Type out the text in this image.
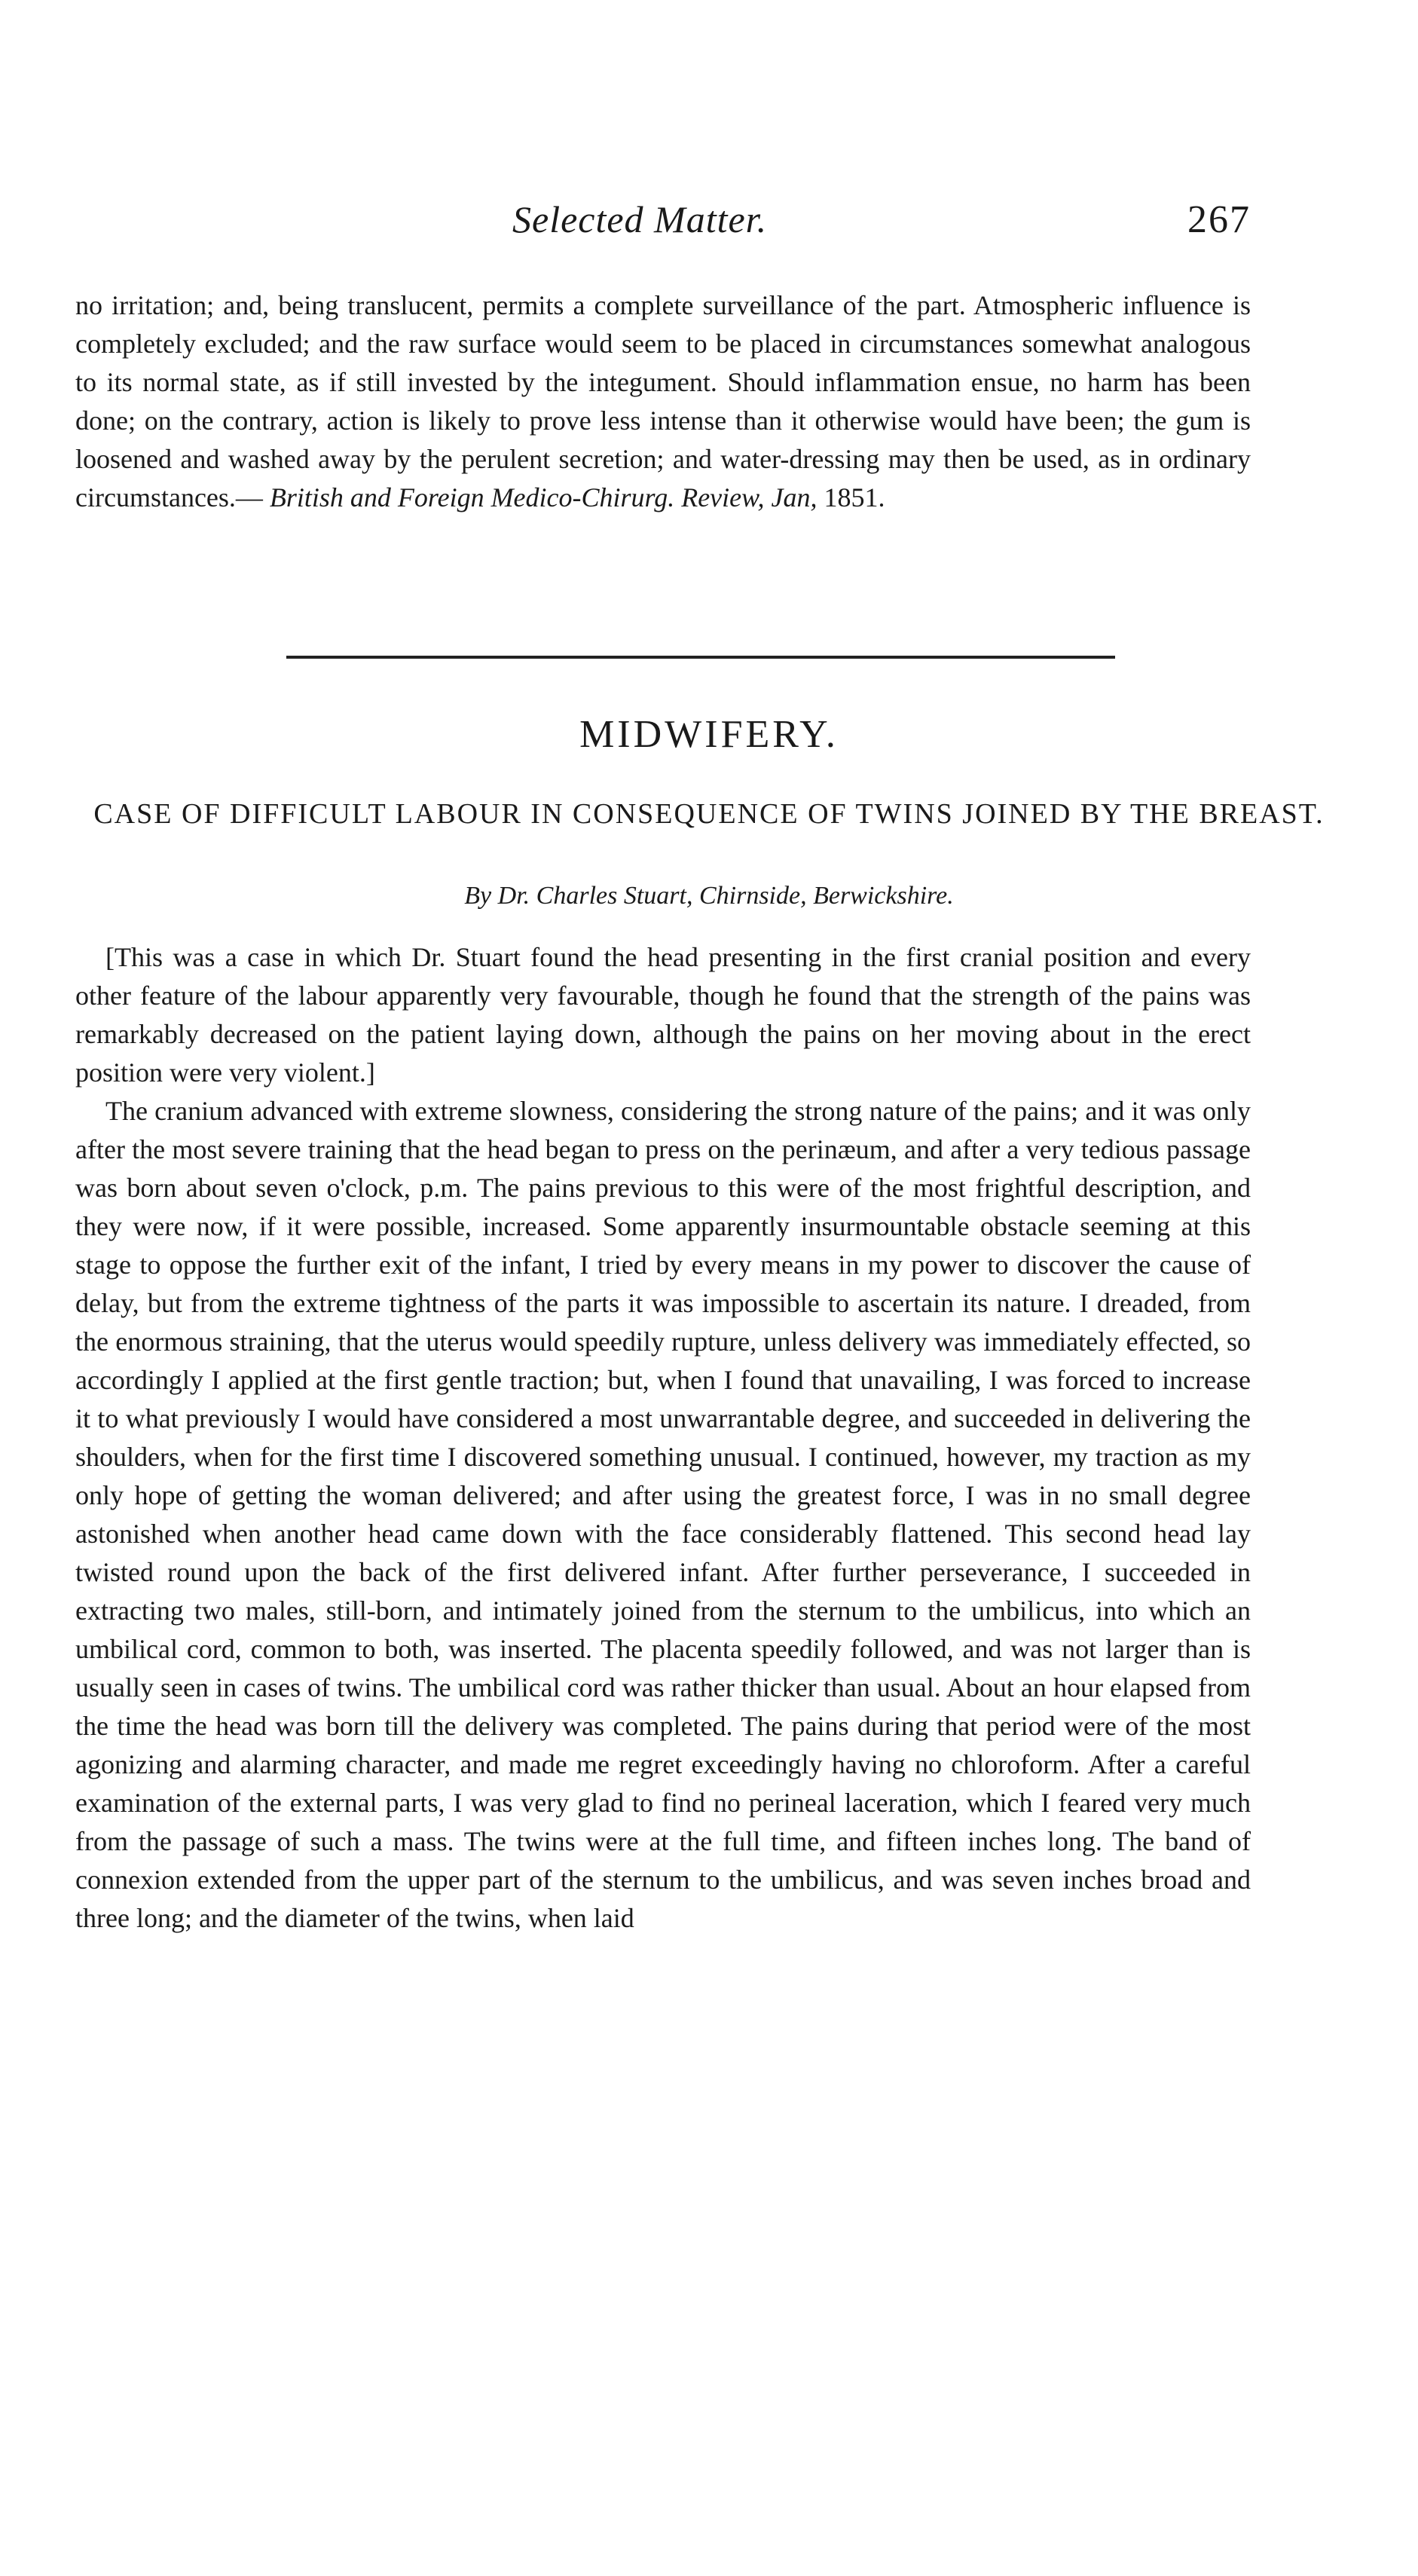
Selected Matter.	267

no irritation; and, being translucent, permits a complete surveillance of the part. Atmospheric influence is completely excluded; and the raw surface would seem to be placed in circumstances somewhat analogous to its normal state, as if still invested by the integument. Should inflammation ensue, no harm has been done; on the contrary, action is likely to prove less intense than it otherwise would have been; the gum is loosened and washed away by the perulent secretion; and water-dressing may then be used, as in ordinary circumstances.— British and Foreign Medico-Chirurg. Review, Jan, 1851.

MIDWIFERY.
CASE OF DIFFICULT LABOUR IN CONSEQUENCE OF TWINS JOINED BY THE BREAST.
By Dr. Charles Stuart, Chirnside, Berwickshire.

[This was a case in which Dr. Stuart found the head presenting in the first cranial position and every other feature of the labour apparently very favourable, though he found that the strength of the pains was remarkably decreased on the patient laying down, although the pains on her moving about in the erect position were very violent.]

The cranium advanced with extreme slowness, considering the strong nature of the pains; and it was only after the most severe training that the head began to press on the perinæum, and after a very tedious passage was born about seven o'clock, p.m. The pains previous to this were of the most frightful description, and they were now, if it were possible, increased. Some apparently insurmountable obstacle seeming at this stage to oppose the further exit of the infant, I tried by every means in my power to discover the cause of delay, but from the extreme tightness of the parts it was impossible to ascertain its nature. I dreaded, from the enormous straining, that the uterus would speedily rupture, unless delivery was immediately effected, so accordingly I applied at the first gentle traction; but, when I found that unavailing, I was forced to increase it to what previously I would have considered a most unwarrantable degree, and succeeded in delivering the shoulders, when for the first time I discovered something unusual. I continued, however, my traction as my only hope of getting the woman delivered; and after using the greatest force, I was in no small degree astonished when another head came down with the face considerably flattened. This second head lay twisted round upon the back of the first delivered infant. After further perseverance, I succeeded in extracting two males, still-born, and intimately joined from the sternum to the umbilicus, into which an umbilical cord, common to both, was inserted. The placenta speedily followed, and was not larger than is usually seen in cases of twins. The umbilical cord was rather thicker than usual. About an hour elapsed from the time the head was born till the delivery was completed. The pains during that period were of the most agonizing and alarming character, and made me regret exceedingly having no chloroform. After a careful examination of the external parts, I was very glad to find no perineal laceration, which I feared very much from the passage of such a mass. The twins were at the full time, and fifteen inches long. The band of connexion extended from the upper part of the sternum to the umbilicus, and was seven inches broad and three long; and the diameter of the twins, when laid
